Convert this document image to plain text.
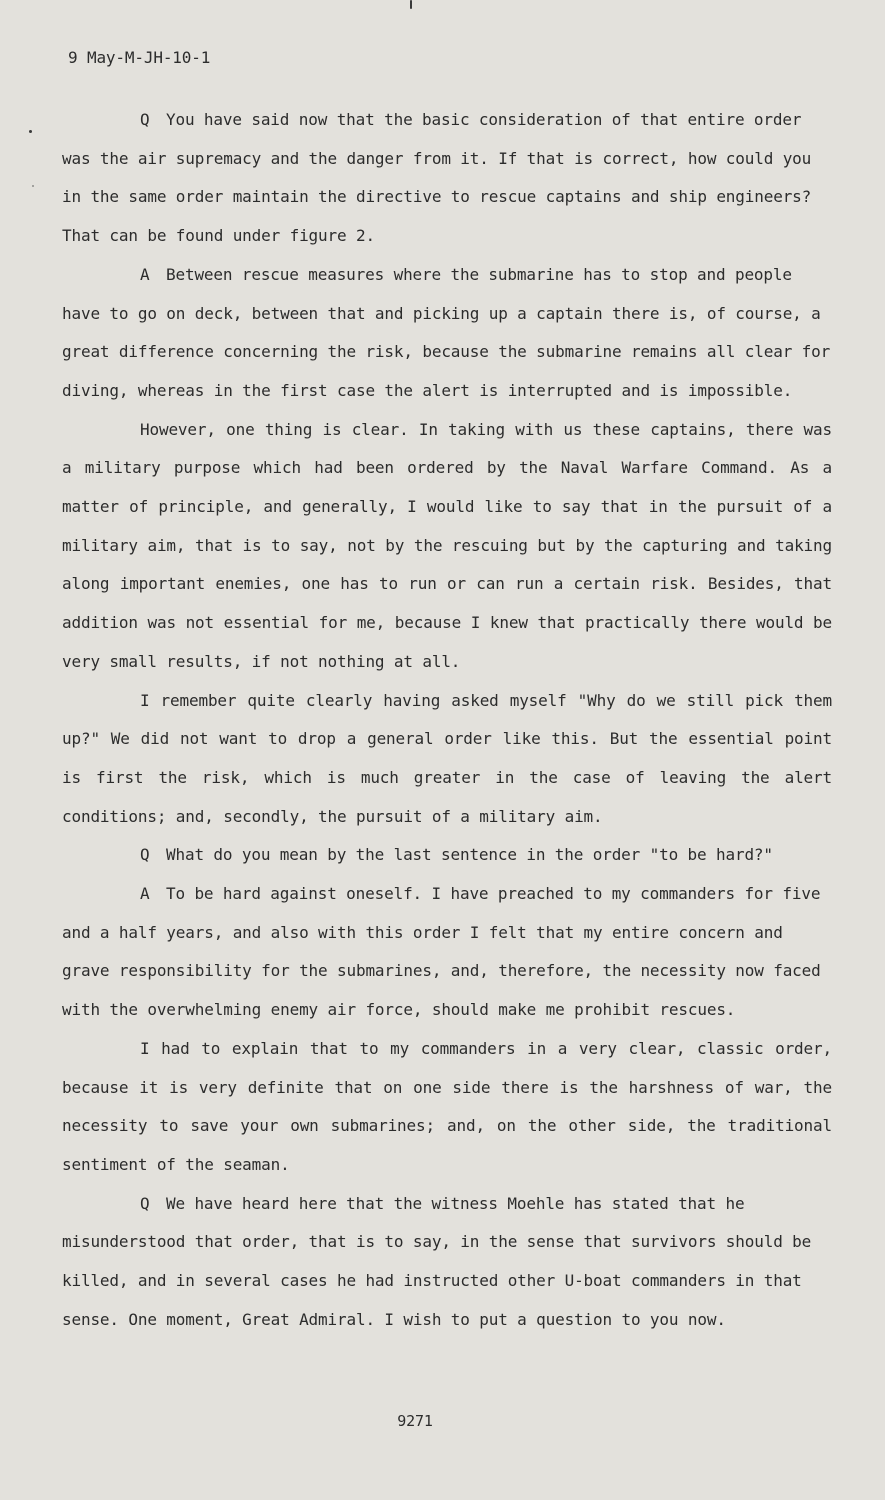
9 May-M-JH-10-1

Q You have said now that the basic consideration of that entire order was the air supremacy and the danger from it. If that is correct, how could you in the same order maintain the directive to rescue captains and ship engineers? That can be found under figure 2.

A Between rescue measures where the submarine has to stop and people have to go on deck, between that and picking up a captain there is, of course, a great difference concerning the risk, because the submarine remains all clear for diving, whereas in the first case the alert is interrupted and is impossible.

However, one thing is clear. In taking with us these captains, there was a military purpose which had been ordered by the Naval Warfare Command. As a matter of principle, and generally, I would like to say that in the pursuit of a military aim, that is to say, not by the rescuing but by the capturing and taking along important enemies, one has to run or can run a certain risk. Besides, that addition was not essential for me, because I knew that practically there would be very small results, if not nothing at all.

I remember quite clearly having asked myself "Why do we still pick them up?" We did not want to drop a general order like this. But the essential point is first the risk, which is much greater in the case of leaving the alert conditions; and, secondly, the pursuit of a military aim.

Q What do you mean by the last sentence in the order "to be hard?"

A To be hard against oneself. I have preached to my commanders for five and a half years, and also with this order I felt that my entire concern and grave responsibility for the submarines, and, therefore, the necessity now faced with the overwhelming enemy air force, should make me prohibit rescues.

I had to explain that to my commanders in a very clear, classic order, because it is very definite that on one side there is the harshness of war, the necessity to save your own submarines; and, on the other side, the traditional sentiment of the seaman.

Q We have heard here that the witness Moehle has stated that he misunderstood that order, that is to say, in the sense that survivors should be killed, and in several cases he had instructed other U-boat commanders in that sense. One moment, Great Admiral. I wish to put a question to you now.

9271
